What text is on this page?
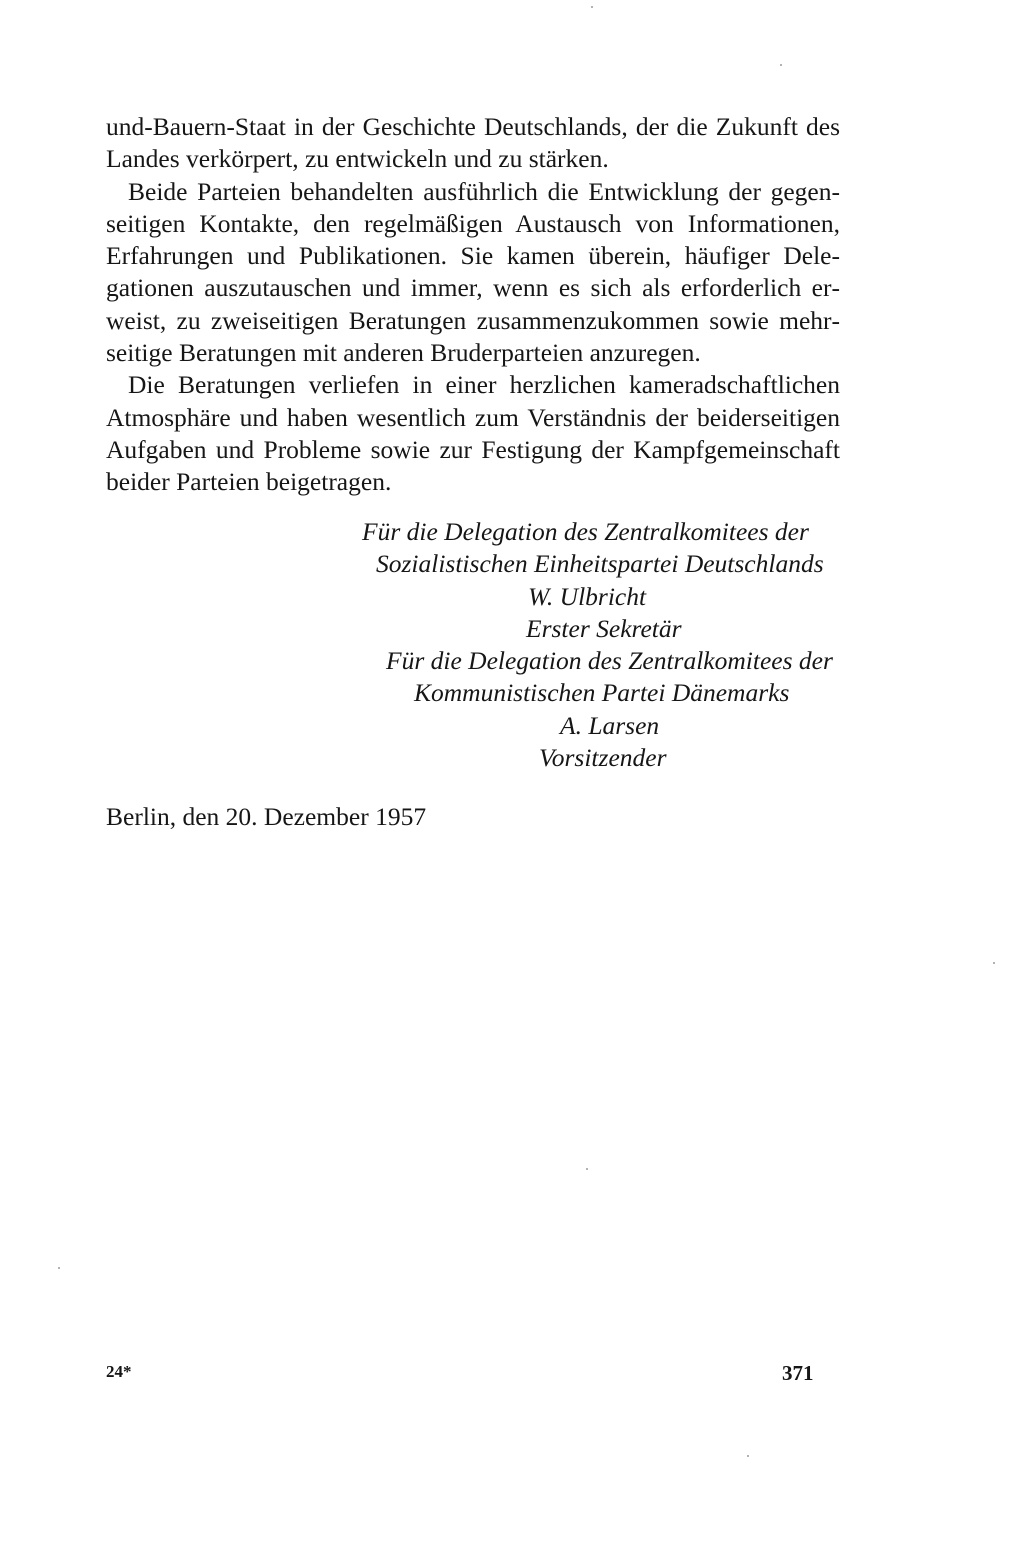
und-Bauern-Staat in der Geschichte Deutschlands, der die Zukunft des Landes verkörpert, zu entwickeln und zu stärken.

Beide Parteien behandelten ausführlich die Entwicklung der gegenseitigen Kontakte, den regelmäßigen Austausch von Informationen, Erfahrungen und Publikationen. Sie kamen überein, häufiger Delegationen auszutauschen und immer, wenn es sich als erforderlich erweist, zu zweiseitigen Beratungen zusammenzukommen sowie mehrseitige Beratungen mit anderen Bruderparteien anzuregen.

Die Beratungen verliefen in einer herzlichen kameradschaftlichen Atmosphäre und haben wesentlich zum Verständnis der beiderseitigen Aufgaben und Probleme sowie zur Festigung der Kampfgemeinschaft beider Parteien beigetragen.

Für die Delegation des Zentralkomitees der
Sozialistischen Einheitspartei Deutschlands
W. Ulbricht
Erster Sekretär
Für die Delegation des Zentralkomitees der
Kommunistischen Partei Dänemarks
A. Larsen
Vorsitzender
Berlin, den 20. Dezember 1957
24*	371
